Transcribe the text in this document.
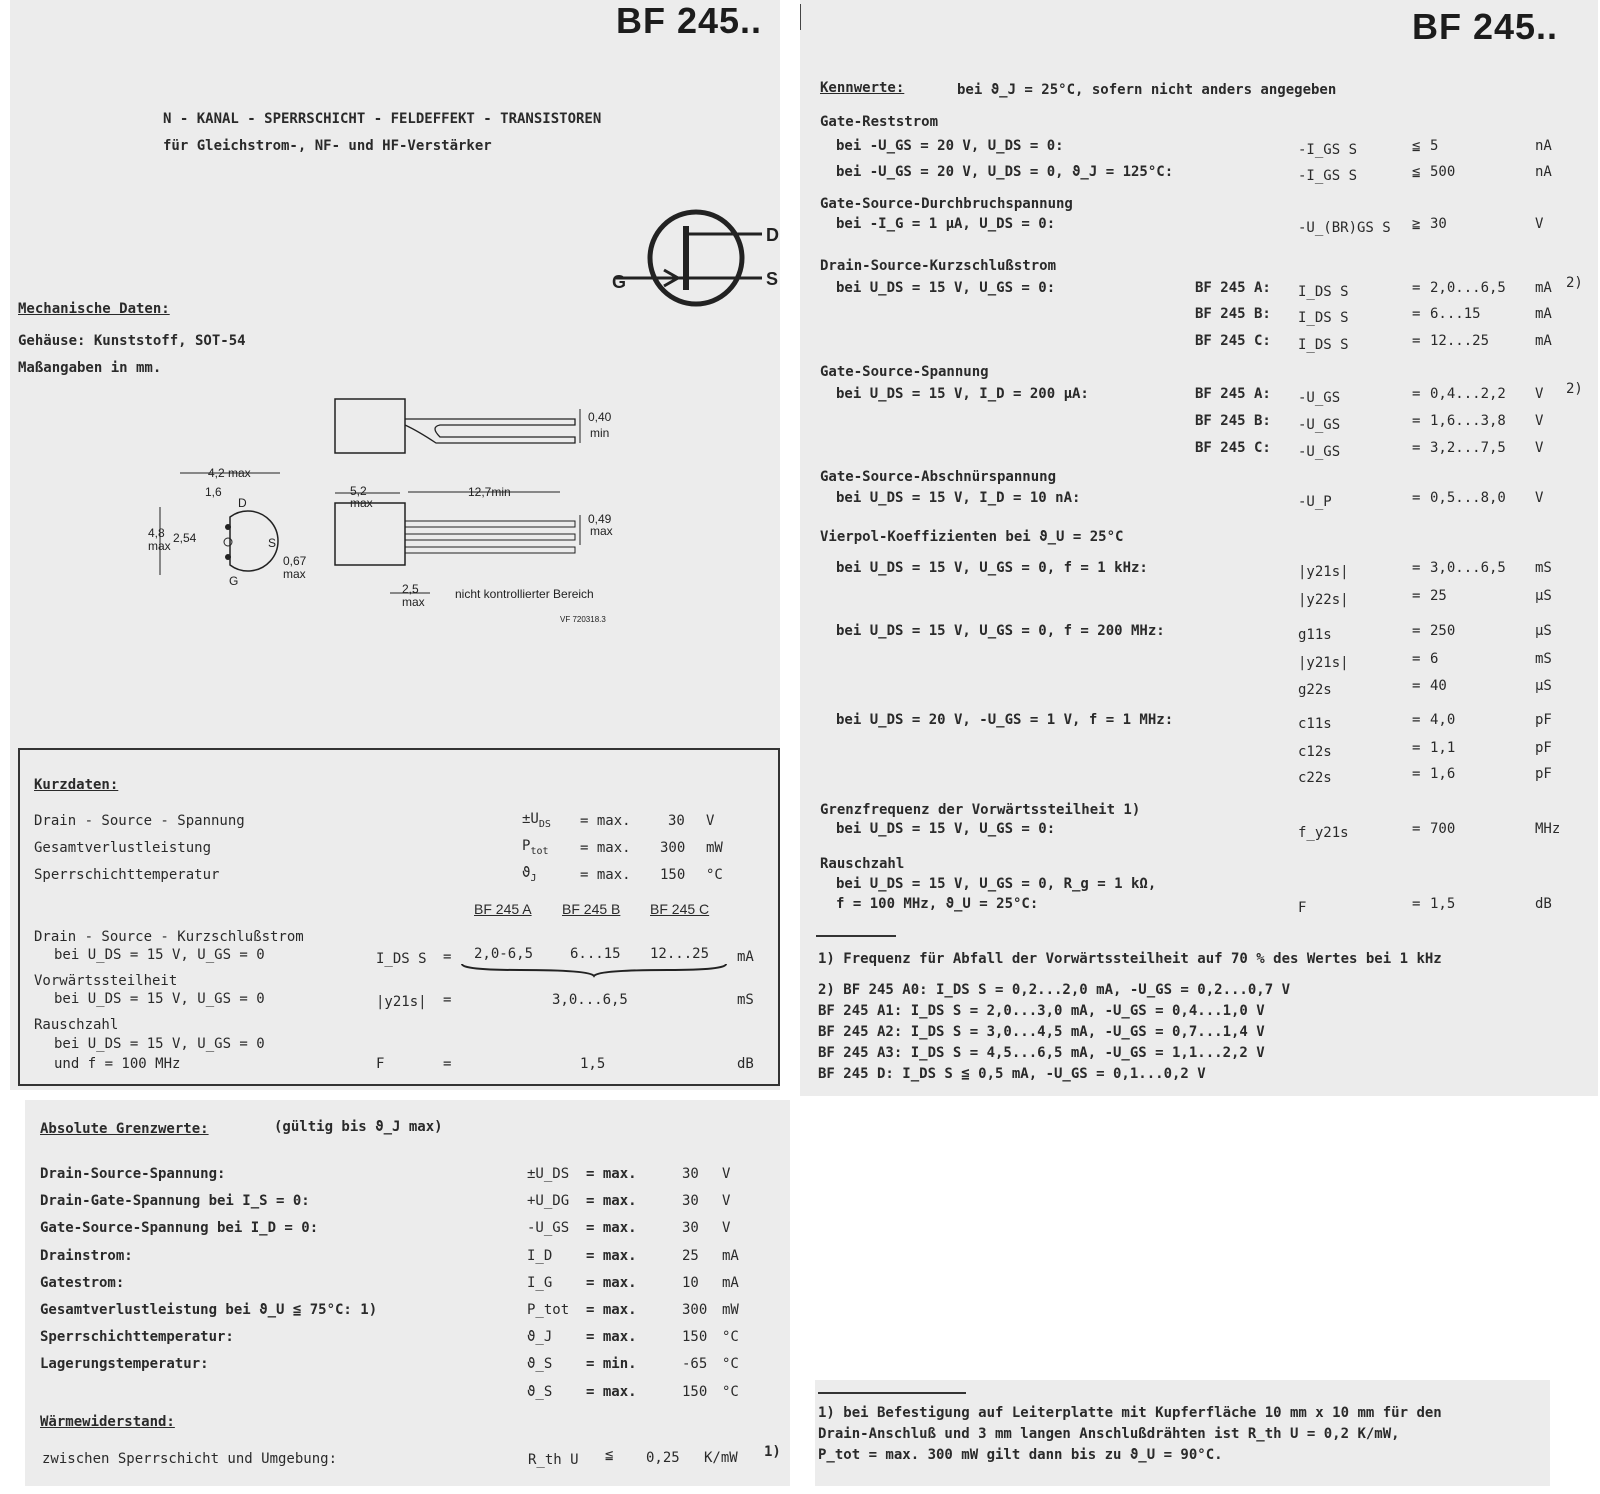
BF 245..
N - KANAL - SPERRSCHICHT - FELDEFFEKT - TRANSISTOREN
für Gleichstrom-, NF- und HF-Verstärker
G
D
S
Mechanische Daten:
Gehäuse: Kunststoff, SOT-54
Maßangaben in mm.
0,40
min
5,2
max
12,7min
0,49
max
2,5
max
nicht kontrollierter Bereich
VF 720318.3
4,2 max
1,6
D
S
G
4,8
max
2,54
0,67
max
Kurzdaten:
Drain - Source - Spannung	$\pm U_{DS} = \max$.	30 V
Gesamtverlustleistung	$P_{tot} = \max$. 300 mW
Sperrschichttemperatur	$ϑ_J$	= max. 150 °C
BF 245 A BF 245 B BF 245 C
Drain - Source - Kurzschlußstrom
bei U_DS = 15 V, U_GS = 0	I_DS S = 2,0-6,5	6...15 12...25 mA
Vorwärtssteilheit
bei U_DS = 15 V, U_GS = 0	|y21s| =	3,0...6,5	mS
Rauschzahl
bei U_DS = 15 V, U_GS = 0
und f = 100 MHz	F	=	1,5	dB
Absolute Grenzwerte:	(gültig bis ϑ_J max)
Drain-Source-Spannung:	±U_DS = max.	30 V
Drain-Gate-Spannung bei I_S = 0:	+U_DG = max.	30 V
Gate-Source-Spannung bei I_D = 0:	-U_GS = max.	30 V
Drainstrom:	I_D = max.	25 mA
Gatestrom:	I_G = max.	10 mA
Gesamtverlustleistung bei ϑ_U ≦ 75°C: 1)	P_tot = max.	300 mW
Sperrschichttemperatur:	ϑ_J = max.	150 °C
Lagerungstemperatur:	ϑ_S = min.	-65 °C
ϑ_S = max.	150 °C
Wärmewiderstand:
zwischen Sperrschicht und Umgebung:	R_th U ≦ 0,25 K/mW 1)
BF 245..
Kennwerte:	bei ϑ_J = 25°C, sofern nicht anders angegeben
Gate-Reststrom
bei -U_GS = 20 V, U_DS = 0:	-I_GS S	≦ 5	nA
bei -U_GS = 20 V, U_DS = 0, ϑ_J = 125°C:	-I_GS S	≦ 500	nA
Gate-Source-Durchbruchspannung
bei -I_G = 1 µA, U_DS = 0:	-U_(BR)GS S ≧ 30	V
Drain-Source-Kurzschlußstrom
bei U_DS = 15 V, U_GS = 0:	BF 245 A: I_DS S	= 2,0...6,5 mA 2)
BF 245 B: I_DS S	= 6...15	mA
BF 245 C: I_DS S	= 12...25	mA
Gate-Source-Spannung
bei U_DS = 15 V, I_D = 200 µA:	BF 245 A: -U_GS	= 0,4...2,2 V 2)
BF 245 B: -U_GS	= 1,6...3,8 V
BF 245 C: -U_GS	= 3,2...7,5 V
Gate-Source-Abschnürspannung
bei U_DS = 15 V, I_D = 10 nA:	-U_P	= 0,5...8,0 V
Vierpol-Koeffizienten bei ϑ_U = 25°C
bei U_DS = 15 V, U_GS = 0, f = 1 kHz:	|y21s|	= 3,0...6,5 mS
|y22s|	= 25	µS
bei U_DS = 15 V, U_GS = 0, f = 200 MHz:	g11s	= 250	µS
|y21s|	= 6	mS
g22s	= 40	µS
bei U_DS = 20 V, -U_GS = 1 V, f = 1 MHz:	c11s	= 4,0	pF
c12s	= 1,1	pF
c22s	= 1,6	pF
Grenzfrequenz der Vorwärtssteilheit 1)
bei U_DS = 15 V, U_GS = 0:	f_y21s	= 700	MHz
Rauschzahl
bei U_DS = 15 V, U_GS = 0, R_g = 1 kΩ,
f = 100 MHz, ϑ_U = 25°C:	F	= 1,5	dB
1) Frequenz für Abfall der Vorwärtssteilheit auf 70 % des Wertes bei 1 kHz
2) BF 245 A0: I_DS S = 0,2...2,0 mA, -U_GS = 0,2...0,7 V
BF 245 A1: I_DS S = 2,0...3,0 mA, -U_GS = 0,4...1,0 V
BF 245 A2: I_DS S = 3,0...4,5 mA, -U_GS = 0,7...1,4 V
BF 245 A3: I_DS S = 4,5...6,5 mA, -U_GS = 1,1...2,2 V
BF 245 D: I_DS S ≦ 0,5 mA, -U_GS = 0,1...0,2 V
1) bei Befestigung auf Leiterplatte mit Kupferfläche 10 mm x 10 mm für den
Drain-Anschluß und 3 mm langen Anschlußdrähten ist R_th U = 0,2 K/mW,
P_tot = max. 300 mW gilt dann bis zu ϑ_U = 90°C.
